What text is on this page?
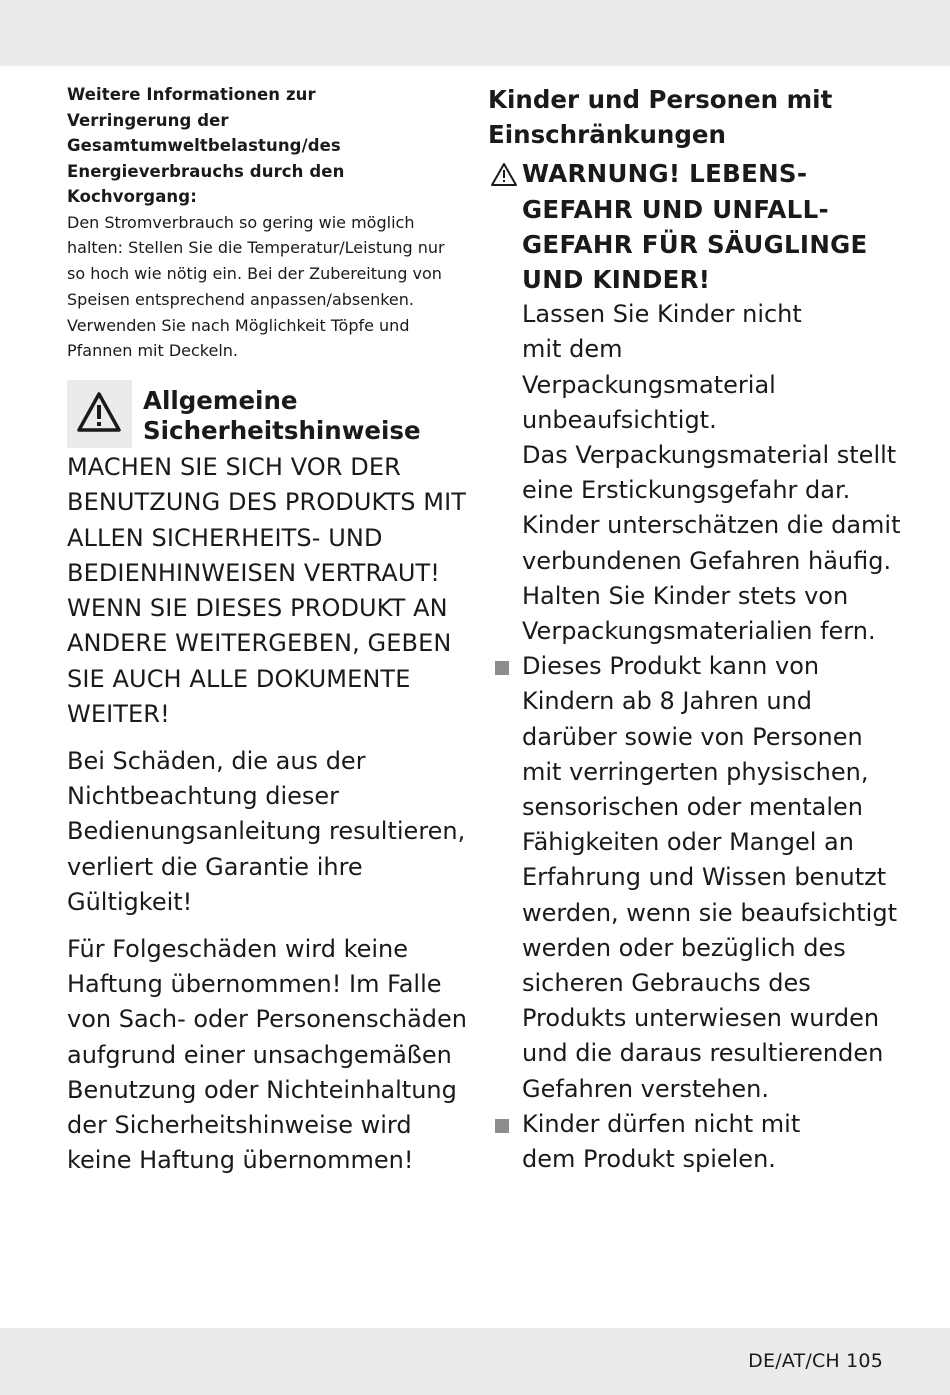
Weitere Informationen zur Verringerung der Gesamtumweltbelastung/des Energieverbrauchs durch den Kochvorgang:

Den Stromverbrauch so gering wie möglich halten: Stellen Sie die Temperatur/Leistung nur so hoch wie nötig ein. Bei der Zubereitung von Speisen entsprechend anpassen/absenken. Verwenden Sie nach Möglichkeit Töpfe und Pfannen mit Deckeln.

Allgemeine
Sicherheitshinweise

MACHEN SIE SICH VOR DER BENUTZUNG DES PRODUKTS MIT ALLEN SICHERHEITS- UND BEDIENHINWEISEN VERTRAUT! WENN SIE DIESES PRODUKT AN ANDERE WEITERGEBEN, GEBEN SIE AUCH ALLE DOKUMENTE WEITER!

Bei Schäden, die aus der Nichtbeachtung dieser Bedienungsanleitung resultieren, verliert die Garantie ihre Gültigkeit!

Für Folgeschäden wird keine Haftung übernommen! Im Falle von Sach- oder Personenschäden aufgrund einer unsachgemäßen Benutzung oder Nichteinhaltung der Sicherheitshinweise wird keine Haftung übernommen!

Kinder und Personen mit Einschränkungen

WARNUNG! LEBENS- GEFAHR UND UNFALL- GEFAHR FÜR SÄUGLINGE UND KINDER!

Lassen Sie Kinder nicht mit dem Verpackungsmaterial unbeaufsichtigt.

Das Verpackungsmaterial stellt eine Erstickungsgefahr dar. Kinder unterschätzen die damit verbundenen Gefahren häufig. Halten Sie Kinder stets von Verpackungsmaterialien fern.

Dieses Produkt kann von Kindern ab 8 Jahren und darüber sowie von Personen mit verringerten physischen, sensorischen oder mentalen Fähigkeiten oder Mangel an Erfahrung und Wissen benutzt werden, wenn sie beaufsichtigt werden oder bezüglich des sicheren Gebrauchs des Produkts unterwiesen wurden und die daraus resultierenden Gefahren verstehen.
Kinder dürfen nicht mit dem Produkt spielen.
DE/AT/CH 105
